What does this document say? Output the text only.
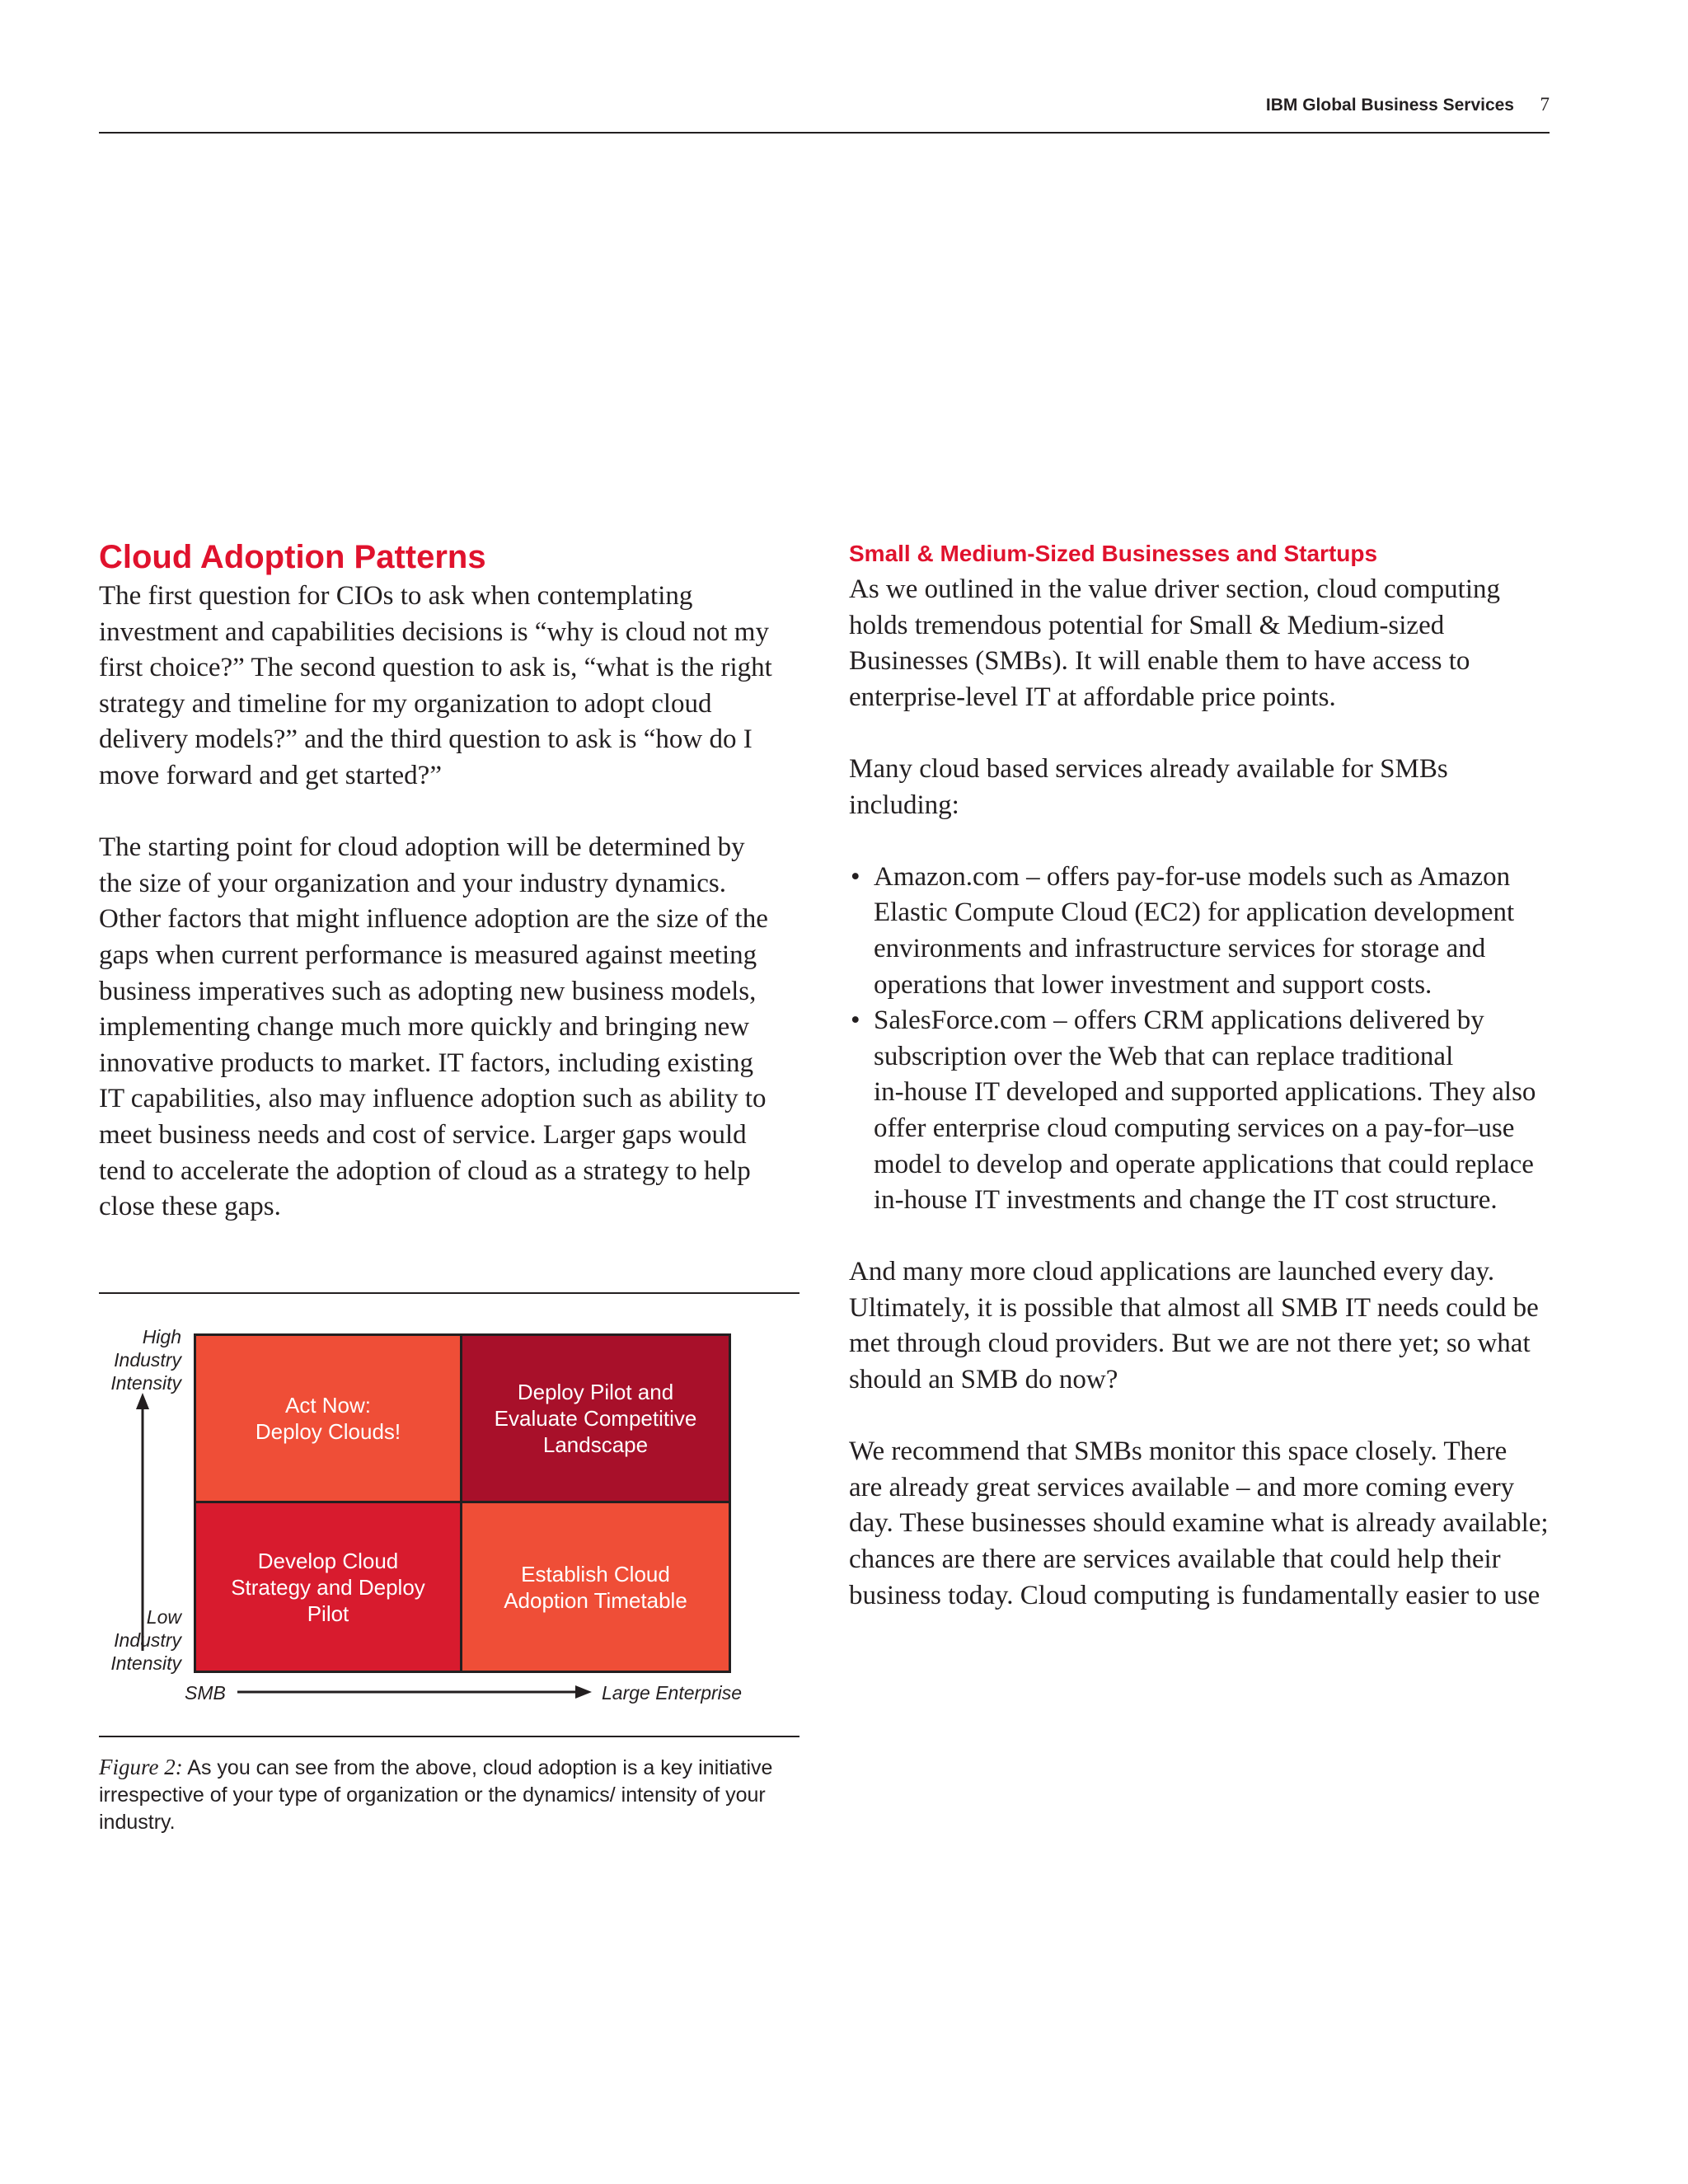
IBM Global Business Services 7
Cloud Adoption Patterns
The first question for CIOs to ask when contemplating
investment and capabilities decisions is “why is cloud not my
first choice?” The second question to ask is, “what is the right
strategy and timeline for my organization to adopt cloud
delivery models?” and the third question to ask is “how do I
move forward and get started?”
The starting point for cloud adoption will be determined by
the size of your organization and your industry dynamics.
Other factors that might influence adoption are the size of the
gaps when current performance is measured against meeting
business imperatives such as adopting new business models,
implementing change much more quickly and bringing new
innovative products to market. IT factors, including existing
IT capabilities, also may influence adoption such as ability to
meet business needs and cost of service. Larger gaps would
tend to accelerate the adoption of cloud as a strategy to help
close these gaps.
High
Industry
Intensity
Low
Industry
Intensity
SMB	Large Enterprise
Act Now:
Deploy Clouds!
Deploy Pilot and
Evaluate Competitive
Landscape
Develop Cloud
Strategy and Deploy
Pilot
Establish Cloud
Adoption Timetable
Figure 2: As you can see from the above, cloud adoption is a key initiative irrespective of your type of organization or the dynamics/ intensity of your industry.
Small & Medium-Sized Businesses and Startups
As we outlined in the value driver section, cloud computing
holds tremendous potential for Small & Medium-sized
Businesses (SMBs). It will enable them to have access to
enterprise-level IT at affordable price points.
Many cloud based services already available for SMBs
including:
• Amazon.com – offers pay-for-use models such as Amazon
Elastic Compute Cloud (EC2) for application development
environments and infrastructure services for storage and
operations that lower investment and support costs.
• SalesForce.com – offers CRM applications delivered by
subscription over the Web that can replace traditional
in-house IT developed and supported applications. They also
offer enterprise cloud computing services on a pay-for–use
model to develop and operate applications that could replace
in-house IT investments and change the IT cost structure.
And many more cloud applications are launched every day.
Ultimately, it is possible that almost all SMB IT needs could be
met through cloud providers. But we are not there yet; so what
should an SMB do now?
We recommend that SMBs monitor this space closely. There
are already great services available – and more coming every
day. These businesses should examine what is already available;
chances are there are services available that could help their
business today. Cloud computing is fundamentally easier to use
